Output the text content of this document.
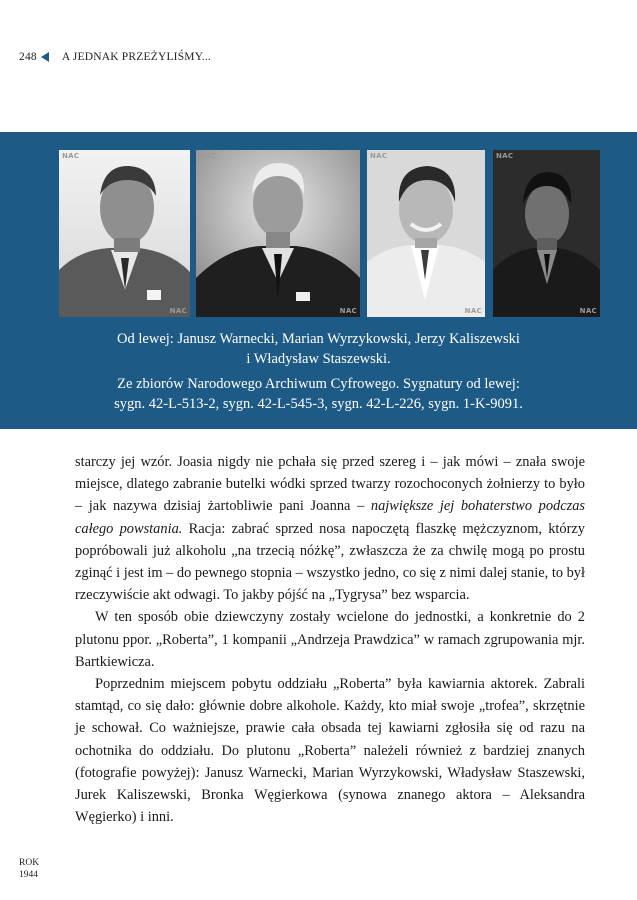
248 A JEDNAK PRZEŻYLIŚMY...
NAC
NAC
NAC
NAC
NAC
NAC
NAC
NAC
Od lewej: Janusz Warnecki, Marian Wyrzykowski, Jerzy Kaliszewski
i Władysław Staszewski.
Ze zbiorów Narodowego Archiwum Cyfrowego. Sygnatury od lewej:
sygn. 42-L-513-2, sygn. 42-L-545-3, sygn. 42-L-226, sygn. 1-K-9091.

starczy jej wzór. Joasia nigdy nie pchała się przed szereg i – jak mówi – znała swoje miejsce, dlatego zabranie butelki wódki sprzed twarzy rozochoconych żołnierzy to było – jak nazywa dzisiaj żartobliwie pani Joanna – największe jej bohaterstwo podczas całego powstania. Racja: zabrać sprzed nosa napoczętą flaszkę mężczyznom, którzy popróbowali już alkoholu „na trzecią nóżkę”, zwłaszcza że za chwilę mogą po prostu zginąć i jest im – do pewnego stopnia – wszystko jedno, co się z nimi dalej stanie, to był rzeczywiście akt odwagi. To jakby pójść na „Tygrysa” bez wsparcia.

W ten sposób obie dziewczyny zostały wcielone do jednostki, a konkretnie do 2 plutonu ppor. „Roberta”, 1 kompanii „Andrzeja Prawdzica” w ramach zgrupowania mjr. Bartkiewicza.

Poprzednim miejscem pobytu oddziału „Roberta” była kawiarnia aktorek. Zabrali stamtąd, co się dało: głównie dobre alkohole. Każdy, kto miał swoje „trofea”, skrzętnie je schował. Co ważniejsze, prawie cała obsada tej kawiarni zgłosiła się od razu na ochotnika do oddziału. Do plutonu „Roberta” należeli również z bardziej znanych (fotografie powyżej): Janusz Warnecki, Marian Wyrzykowski, Władysław Staszewski, Jurek Kaliszewski, Bronka Węgierkowa (synowa znanego aktora – Aleksandra Węgierko) i inni.

ROK
1944
